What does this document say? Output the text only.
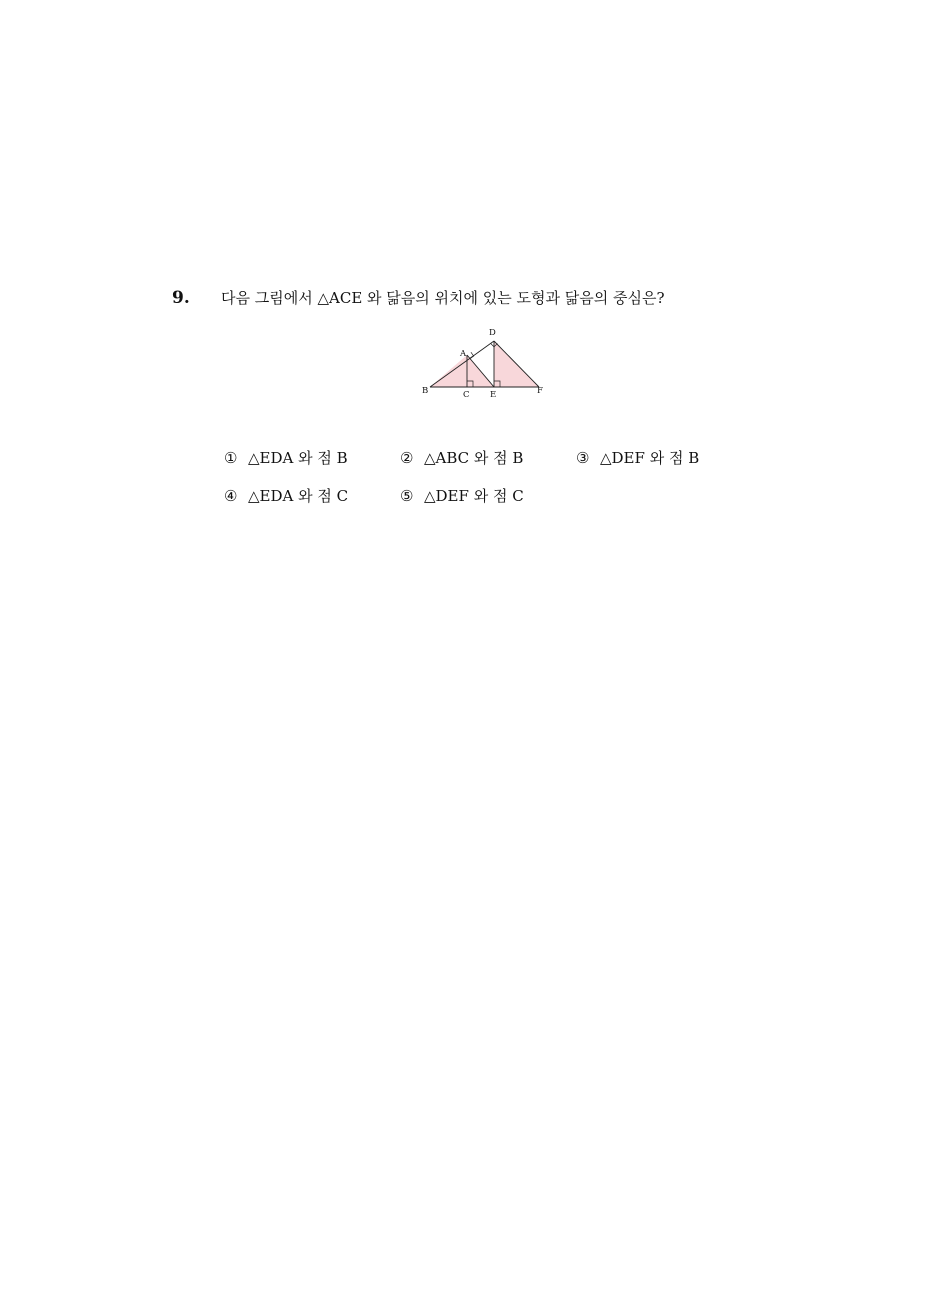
9. 다음 그림에서 △ACE 와 닮음의 위치에 있는 도형과 닮음의 중심은?
A
B	C
D
E	F
① △EDA 와 점 B	② △ABC 와 점 B	③ △DEF 와 점 B
④ △EDA 와 점 C	⑤ △DEF 와 점 C
